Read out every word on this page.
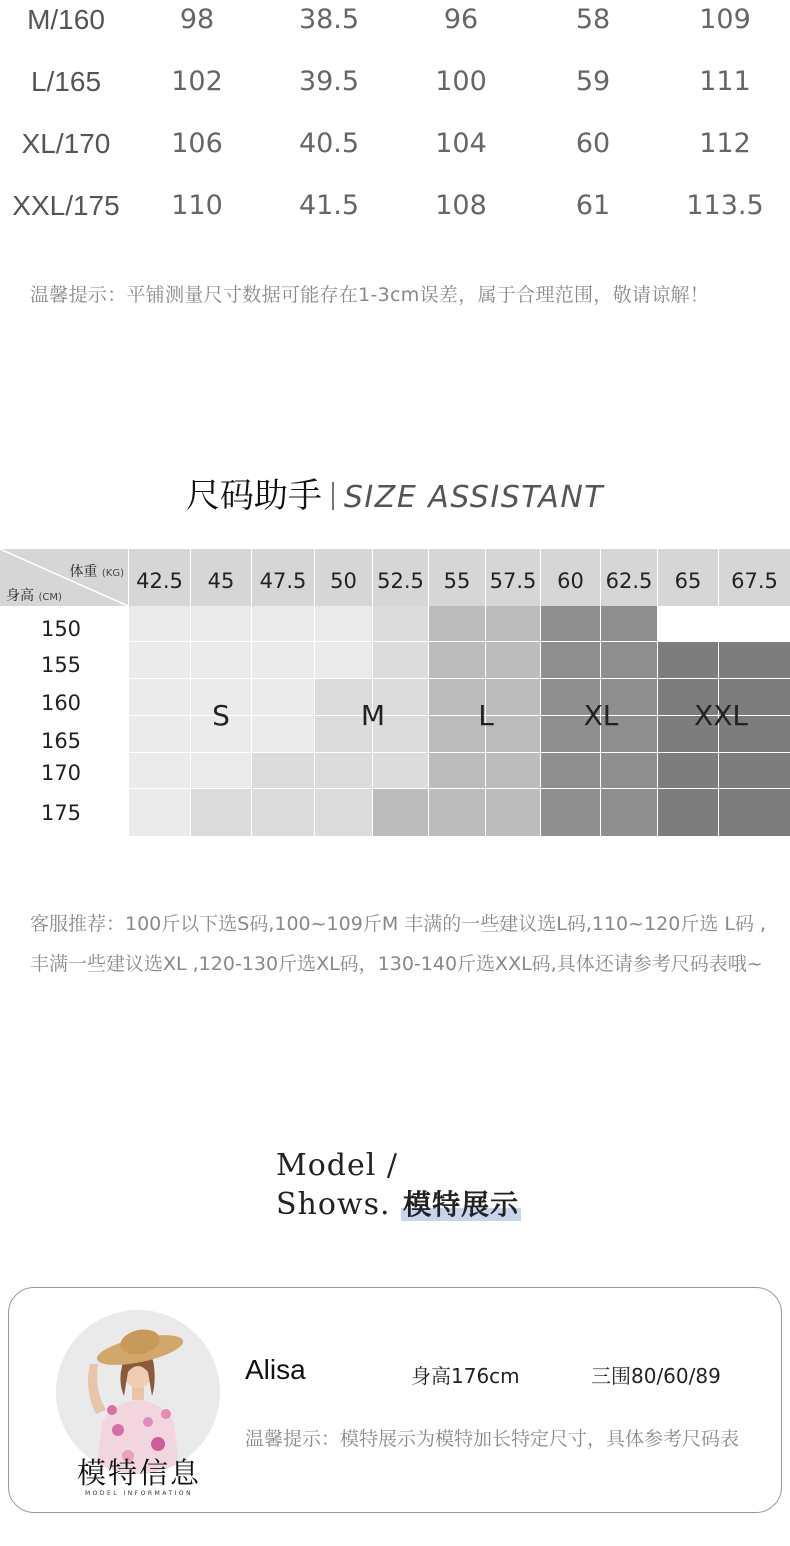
M/160	98	38.5	96	58	109
L/165	102	39.5	100	59	111
XL/170	106	40.5	104	60	112
XXL/175	110	41.5	108	61	113.5
温馨提示：平铺测量尺寸数据可能存在1-3cm误差，属于合理范围，敬请谅解！
尺码助手 SIZE ASSISTANT
体重 (KG)
身高 (CM)
42.5	45	47.5	50 52.5 55 57.5 60	62.5	65	67.5
150
155
160
165
170
175
S	M	L	XL	XXL
客服推荐：100斤以下选S码,100~109斤M 丰满的一些建议选L码,110~120斤选 L码 ,
丰满一些建议选XL ,120-130斤选XL码，130-140斤选XXL码,具体还请参考尺码表哦~
Model /
Shows. 模特展示
模特信息
MODEL INFORMATION
Alisa	身高176cm	三围80/60/89
温馨提示：模特展示为模特加长特定尺寸，具体参考尺码表
